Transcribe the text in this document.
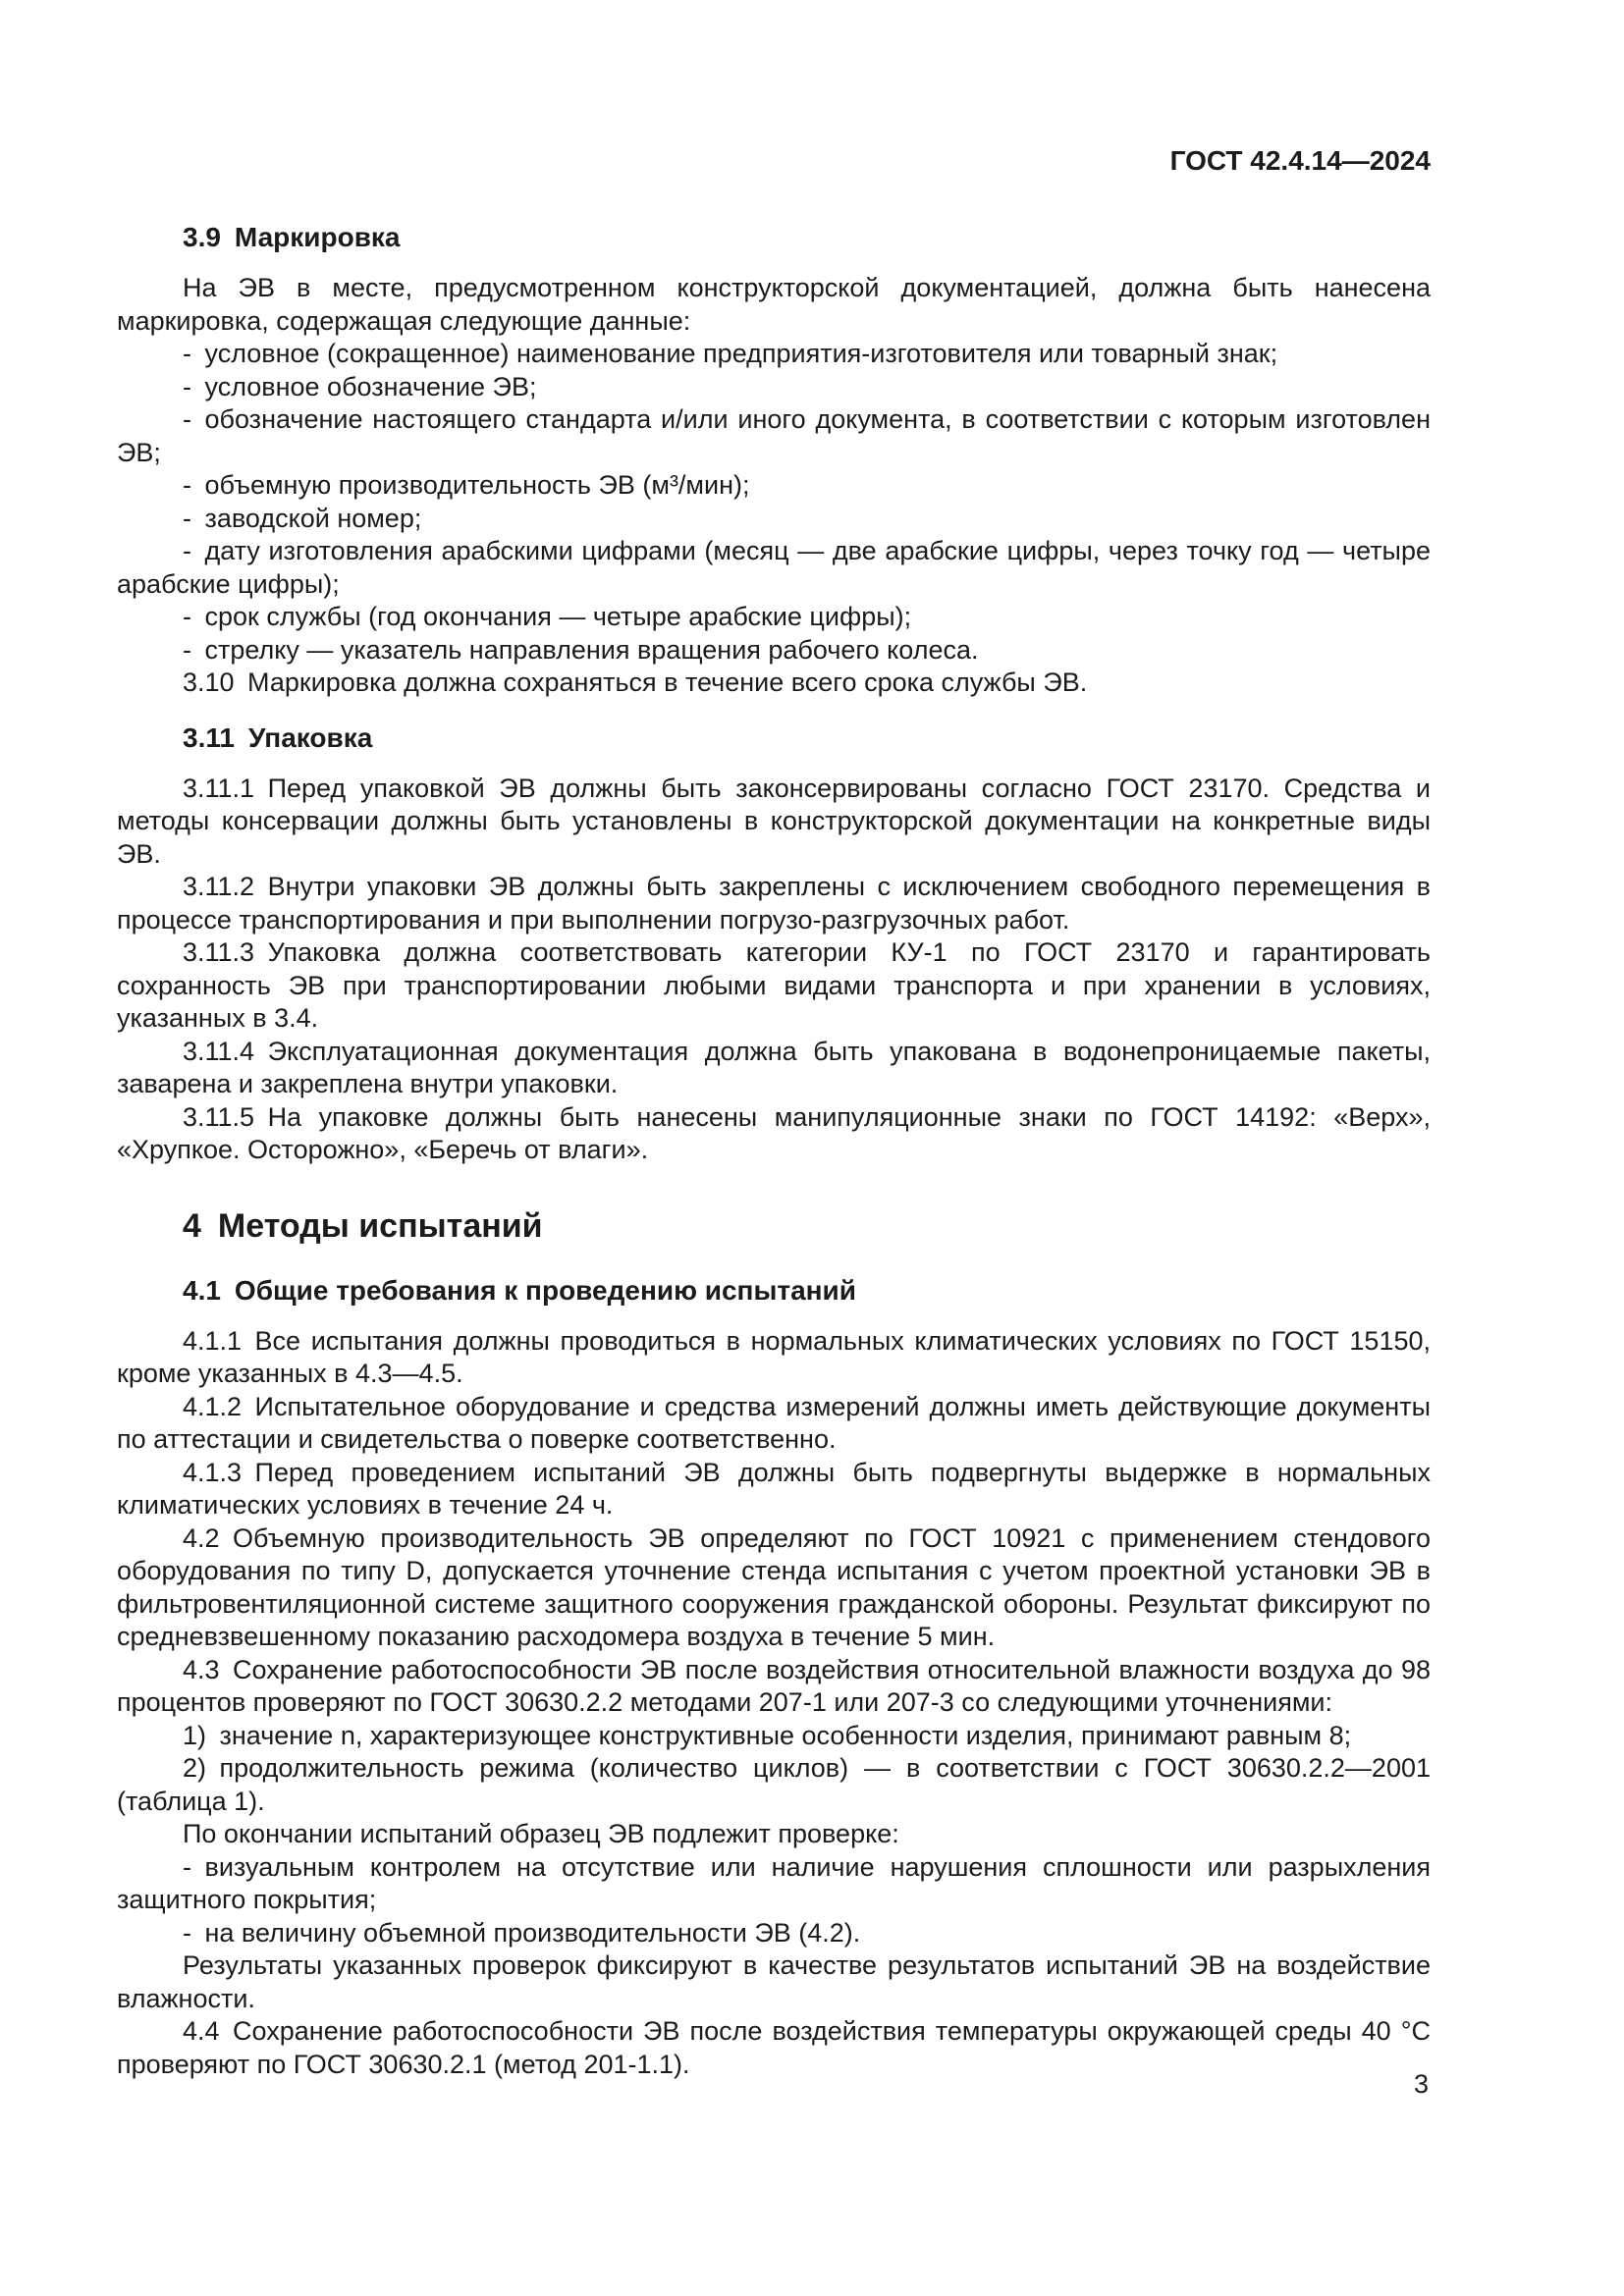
ГОСТ 42.4.14—2024
3.9 Маркировка
На ЭВ в месте, предусмотренном конструкторской документацией, должна быть нанесена маркировка, содержащая следующие данные:
- условное (сокращенное) наименование предприятия-изготовителя или товарный знак;
- условное обозначение ЭВ;
- обозначение настоящего стандарта и/или иного документа, в соответствии с которым изготовлен ЭВ;
- объемную производительность ЭВ (м³/мин);
- заводской номер;
- дату изготовления арабскими цифрами (месяц — две арабские цифры, через точку год — четыре арабские цифры);
- срок службы (год окончания — четыре арабские цифры);
- стрелку — указатель направления вращения рабочего колеса.
3.10 Маркировка должна сохраняться в течение всего срока службы ЭВ.
3.11 Упаковка
3.11.1 Перед упаковкой ЭВ должны быть законсервированы согласно ГОСТ 23170. Средства и методы консервации должны быть установлены в конструкторской документации на конкретные виды ЭВ.
3.11.2 Внутри упаковки ЭВ должны быть закреплены с исключением свободного перемещения в процессе транспортирования и при выполнении погрузо-разгрузочных работ.
3.11.3 Упаковка должна соответствовать категории КУ-1 по ГОСТ 23170 и гарантировать сохранность ЭВ при транспортировании любыми видами транспорта и при хранении в условиях, указанных в 3.4.
3.11.4 Эксплуатационная документация должна быть упакована в водонепроницаемые пакеты, заварена и закреплена внутри упаковки.
3.11.5 На упаковке должны быть нанесены манипуляционные знаки по ГОСТ 14192: «Верх», «Хрупкое. Осторожно», «Беречь от влаги».
4 Методы испытаний
4.1 Общие требования к проведению испытаний
4.1.1 Все испытания должны проводиться в нормальных климатических условиях по ГОСТ 15150, кроме указанных в 4.3—4.5.
4.1.2 Испытательное оборудование и средства измерений должны иметь действующие документы по аттестации и свидетельства о поверке соответственно.
4.1.3 Перед проведением испытаний ЭВ должны быть подвергнуты выдержке в нормальных климатических условиях в течение 24 ч.
4.2 Объемную производительность ЭВ определяют по ГОСТ 10921 с применением стендового оборудования по типу D, допускается уточнение стенда испытания с учетом проектной установки ЭВ в фильтровентиляционной системе защитного сооружения гражданской обороны. Результат фиксируют по средневзвешенному показанию расходомера воздуха в течение 5 мин.
4.3 Сохранение работоспособности ЭВ после воздействия относительной влажности воздуха до 98 процентов проверяют по ГОСТ 30630.2.2 методами 207-1 или 207-3 со следующими уточнениями:
1) значение n, характеризующее конструктивные особенности изделия, принимают равным 8;
2) продолжительность режима (количество циклов) — в соответствии с ГОСТ 30630.2.2—2001 (таблица 1).
По окончании испытаний образец ЭВ подлежит проверке:
- визуальным контролем на отсутствие или наличие нарушения сплошности или разрыхления защитного покрытия;
- на величину объемной производительности ЭВ (4.2).
Результаты указанных проверок фиксируют в качестве результатов испытаний ЭВ на воздействие влажности.
4.4 Сохранение работоспособности ЭВ после воздействия температуры окружающей среды 40 °С проверяют по ГОСТ 30630.2.1 (метод 201-1.1).
3
